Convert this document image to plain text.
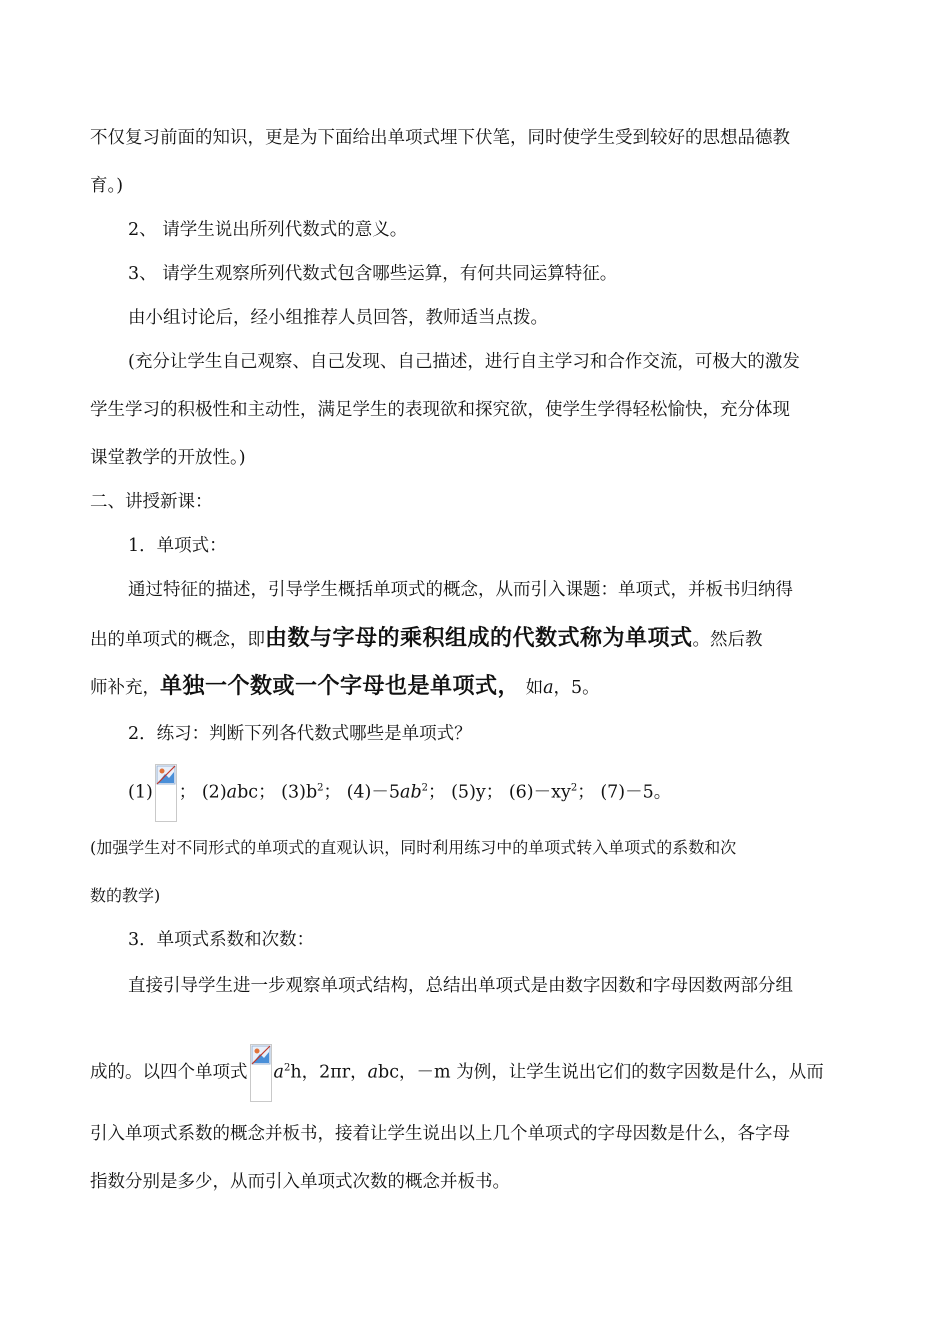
不仅复习前面的知识，更是为下面给出单项式埋下伏笔，同时使学生受到较好的思想品德教
育。)
2、 请学生说出所列代数式的意义。
3、 请学生观察所列代数式包含哪些运算，有何共同运算特征。
由小组讨论后，经小组推荐人员回答，教师适当点拨。
(充分让学生自己观察、自己发现、自己描述，进行自主学习和合作交流，可极大的激发
学生学习的积极性和主动性，满足学生的表现欲和探究欲，使学生学得轻松愉快，充分体现
课堂教学的开放性。)
二、讲授新课：
1．单项式：
通过特征的描述，引导学生概括单项式的概念，从而引入课题：单项式，并板书归纳得
出的单项式的概念，即由数与字母的乘积组成的代数式称为单项式。然后教
师补充，单独一个数或一个字母也是单项式， 如a，5。
2．练习：判断下列各代数式哪些是单项式？
(1) ； (2)abc； $(3)b^2$； $(4)-5ab^2$； (5)y； $(6)-xy^2$； (7)－5。
(加强学生对不同形式的单项式的直观认识，同时利用练习中的单项式转入单项式的系数和次
数的教学)
3．单项式系数和次数：
直接引导学生进一步观察单项式结构，总结出单项式是由数字因数和字母因数两部分组
成的。以四个单项式 $a^2h$，2πr，abc，－m 为例，让学生说出它们的数字因数是什么，从而
引入单项式系数的概念并板书，接着让学生说出以上几个单项式的字母因数是什么，各字母
指数分别是多少，从而引入单项式次数的概念并板书。
